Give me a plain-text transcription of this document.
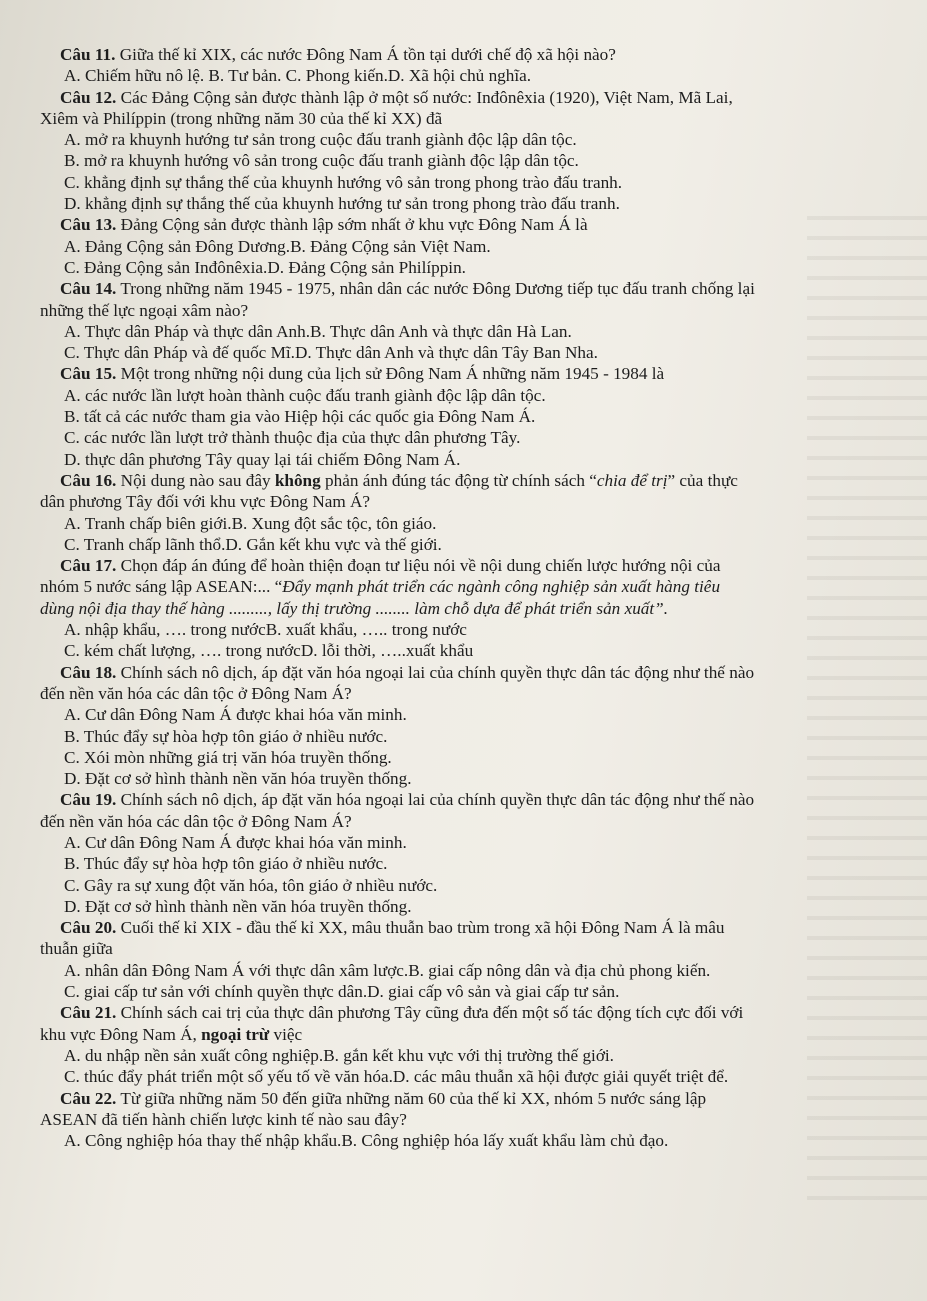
Câu 11. Giữa thế kỉ XIX, các nước Đông Nam Á tồn tại dưới chế độ xã hội nào?
A. Chiếm hữu nô lệ. B. Tư bản. C. Phong kiến.D. Xã hội chủ nghĩa.
Câu 12. Các Đảng Cộng sản được thành lập ở một số nước: Inđônêxia (1920), Việt Nam, Mã Lai,
Xiêm và Philíppin (trong những năm 30 của thế kỉ XX) đã
A. mở ra khuynh hướng tư sản trong cuộc đấu tranh giành độc lập dân tộc.
B. mở ra khuynh hướng vô sản trong cuộc đấu tranh giành độc lập dân tộc.
C. khẳng định sự thắng thế của khuynh hướng vô sản trong phong trào đấu tranh.
D. khẳng định sự thắng thế của khuynh hướng tư sản trong phong trào đấu tranh.
Câu 13. Đảng Cộng sản được thành lập sớm nhất ở khu vực Đông Nam Á là
A. Đảng Cộng sản Đông Dương.B. Đảng Cộng sản Việt Nam.
C. Đảng Cộng sản Inđônêxia.D. Đảng Cộng sản Philíppin.
Câu 14. Trong những năm 1945 - 1975, nhân dân các nước Đông Dương tiếp tục đấu tranh chống lại
những thế lực ngoại xâm nào?
A. Thực dân Pháp và thực dân Anh.B. Thực dân Anh và thực dân Hà Lan.
C. Thực dân Pháp và đế quốc Mĩ.D. Thực dân Anh và thực dân Tây Ban Nha.
Câu 15. Một trong những nội dung của lịch sử Đông Nam Á những năm 1945 - 1984 là
A. các nước lần lượt hoàn thành cuộc đấu tranh giành độc lập dân tộc.
B. tất cả các nước tham gia vào Hiệp hội các quốc gia Đông Nam Á.
C. các nước lần lượt trở thành thuộc địa của thực dân phương Tây.
D. thực dân phương Tây quay lại tái chiếm Đông Nam Á.
Câu 16. Nội dung nào sau đây không phản ánh đúng tác động từ chính sách “chia để trị” của thực
dân phương Tây đối với khu vực Đông Nam Á?
A. Tranh chấp biên giới.B. Xung đột sắc tộc, tôn giáo.
C. Tranh chấp lãnh thổ.D. Gắn kết khu vực và thế giới.
Câu 17. Chọn đáp án đúng để hoàn thiện đoạn tư liệu nói về nội dung chiến lược hướng nội của
nhóm 5 nước sáng lập ASEAN:... “Đẩy mạnh phát triển các ngành công nghiệp sản xuất hàng tiêu
dùng nội địa thay thế hàng ........., lấy thị trường ........ làm chỗ dựa để phát triển sản xuất”.
A. nhập khẩu, …. trong nướcB. xuất khẩu, ….. trong nước
C. kém chất lượng, …. trong nướcD. lỗi thời, …..xuất khẩu
Câu 18. Chính sách nô dịch, áp đặt văn hóa ngoại lai của chính quyền thực dân tác động như thế nào
đến nền văn hóa các dân tộc ở Đông Nam Á?
A. Cư dân Đông Nam Á được khai hóa văn minh.
B. Thúc đẩy sự hòa hợp tôn giáo ở nhiều nước.
C. Xói mòn những giá trị văn hóa truyền thống.
D. Đặt cơ sở hình thành nền văn hóa truyền thống.
Câu 19. Chính sách nô dịch, áp đặt văn hóa ngoại lai của chính quyền thực dân tác động như thế nào
đến nền văn hóa các dân tộc ở Đông Nam Á?
A. Cư dân Đông Nam Á được khai hóa văn minh.
B. Thúc đẩy sự hòa hợp tôn giáo ở nhiều nước.
C. Gây ra sự xung đột văn hóa, tôn giáo ở nhiều nước.
D. Đặt cơ sở hình thành nền văn hóa truyền thống.
Câu 20. Cuối thế kỉ XIX - đầu thế kỉ XX, mâu thuẫn bao trùm trong xã hội Đông Nam Á là mâu
thuẫn giữa
A. nhân dân Đông Nam Á với thực dân xâm lược.B. giai cấp nông dân và địa chủ phong kiến.
C. giai cấp tư sản với chính quyền thực dân.D. giai cấp vô sản và giai cấp tư sản.
Câu 21. Chính sách cai trị của thực dân phương Tây cũng đưa đến một số tác động tích cực đối với
khu vực Đông Nam Á, ngoại trừ việc
A. du nhập nền sản xuất công nghiệp.B. gắn kết khu vực với thị trường thế giới.
C. thúc đẩy phát triển một số yếu tố về văn hóa.D. các mâu thuẫn xã hội được giải quyết triệt để.
Câu 22. Từ giữa những năm 50 đến giữa những năm 60 của thế kỉ XX, nhóm 5 nước sáng lập
ASEAN đã tiến hành chiến lược kinh tế nào sau đây?
A. Công nghiệp hóa thay thế nhập khẩu.B. Công nghiệp hóa lấy xuất khẩu làm chủ đạo.
